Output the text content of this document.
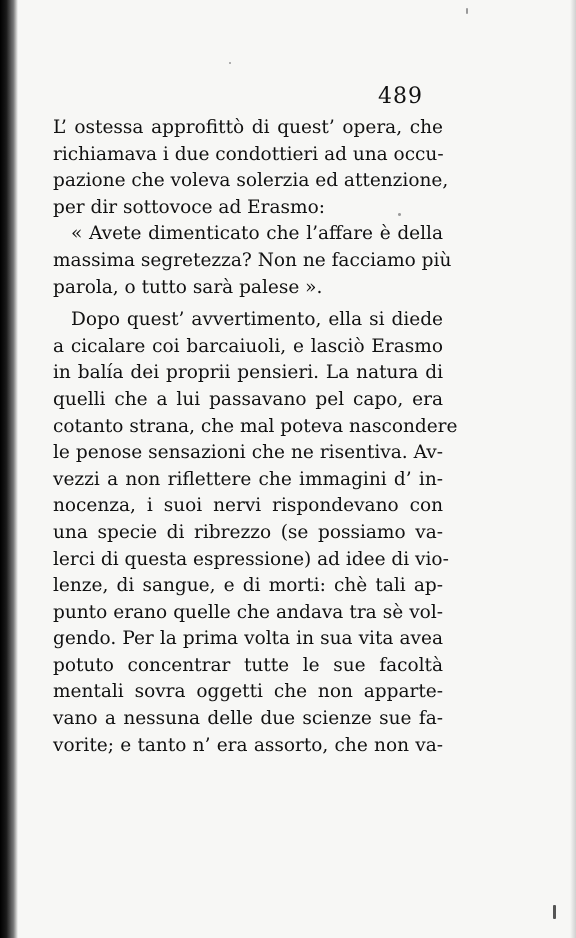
489
L’ ostessa approfittò di quest’ opera, che
richiamava i due condottieri ad una occu-
pazione che voleva solerzia ed attenzione,
per dir sottovoce ad Erasmo:
« Avete dimenticato che l’affare è della
massima segretezza? Non ne facciamo più
parola, o tutto sarà palese ».
Dopo quest’ avvertimento, ella si diede
a cicalare coi barcaiuoli, e lasciò Erasmo
in balía dei proprii pensieri. La natura di
quelli che a lui passavano pel capo, era
cotanto strana, che mal poteva nascondere
le penose sensazioni che ne risentiva. Av-
vezzi a non riflettere che immagini d’ in-
nocenza, i suoi nervi rispondevano con
una specie di ribrezzo (se possiamo va-
lerci di questa espressione) ad idee di vio-
lenze, di sangue, e di morti: chè tali ap-
punto erano quelle che andava tra sè vol-
gendo. Per la prima volta in sua vita avea
potuto concentrar tutte le sue facoltà
mentali sovra oggetti che non apparte-
vano a nessuna delle due scienze sue fa-
vorite; e tanto n’ era assorto, che non va-
